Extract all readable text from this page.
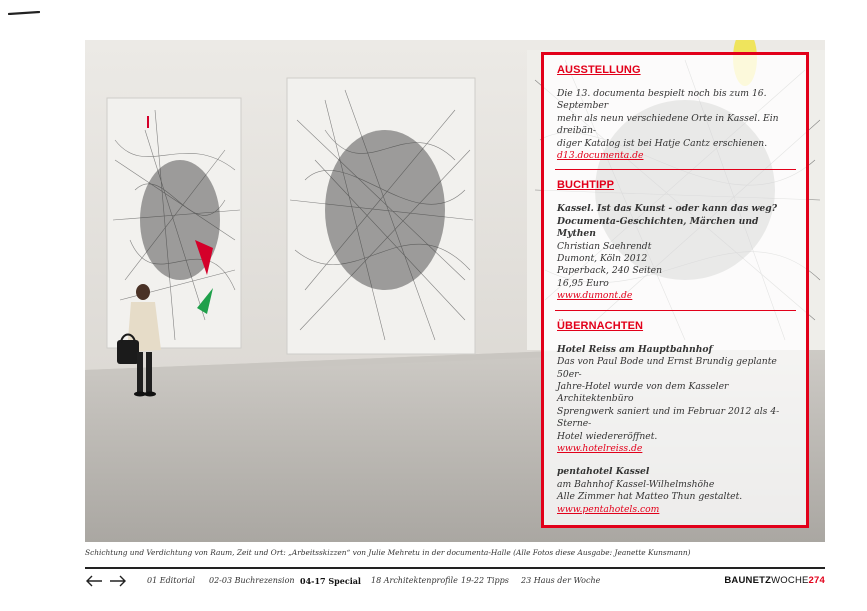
AUSSTELLUNG
Die 13. documenta bespielt noch bis zum 16. September
mehr als neun verschiedene Orte in Kassel. Ein dreibän-
diger Katalog ist bei Hatje Cantz erschienen.
d13.documenta.de
BUCHTIPP
Kassel. Ist das Kunst - oder kann das weg?
Documenta-Geschichten, Märchen und Mythen
Christian Saehrendt
Dumont, Köln 2012
Paperback, 240 Seiten
16,95 Euro
www.dumont.de
ÜBERNACHTEN
Hotel Reiss am Hauptbahnhof
Das von Paul Bode und Ernst Brundig geplante 50er-
Jahre-Hotel wurde von dem Kasseler Architektenbüro
Sprengwerk saniert und im Februar 2012 als 4-Sterne-
Hotel wiedereröffnet.
www.hotelreiss.de
pentahotel Kassel
am Bahnhof Kassel-Wilhelmshöhe
Alle Zimmer hat Matteo Thun gestaltet.
www.pentahotels.com
Schichtung und Verdichtung von Raum, Zeit und Ort: „Arbeitsskizzen“ von Julie Mehretu in der documenta-Halle (Alle Fotos diese Ausgabe: Jeanette Kunsmann)
01 Editorial 02-03 Buchrezension 04-17 Special 18 Architektenprofile 19-22 Tipps 23 Haus der Woche	BAUNETZWOCHE274
